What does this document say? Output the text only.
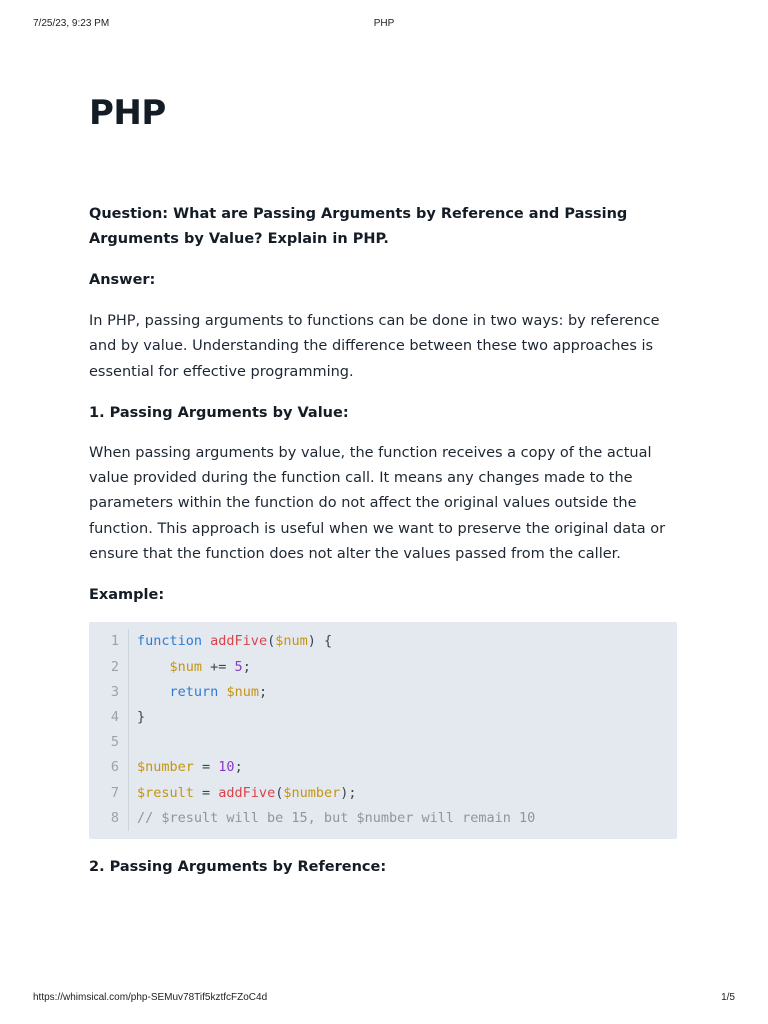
7/25/23, 9:23 PM	PHP
PHP

Question: What are Passing Arguments by Reference and Passing Arguments by Value? Explain in PHP.

Answer:

In PHP, passing arguments to functions can be done in two ways: by reference and by value. Understanding the difference between these two approaches is essential for effective programming.

1. Passing Arguments by Value:

When passing arguments by value, the function receives a copy of the actual value provided during the function call. It means any changes made to the parameters within the function do not affect the original values outside the function. This approach is useful when we want to preserve the original data or ensure that the function does not alter the values passed from the caller.

Example:

1	function addFive($num) {
2	$num += 5;
3	return $num;
4	}
5
6	$number = 10;
7	$result = addFive($number);
8	// $result will be 15, but $number will remain 10

2. Passing Arguments by Reference:

https://whimsical.com/php-SEMuv78Tif5kztfcFZoC4d	1/5
